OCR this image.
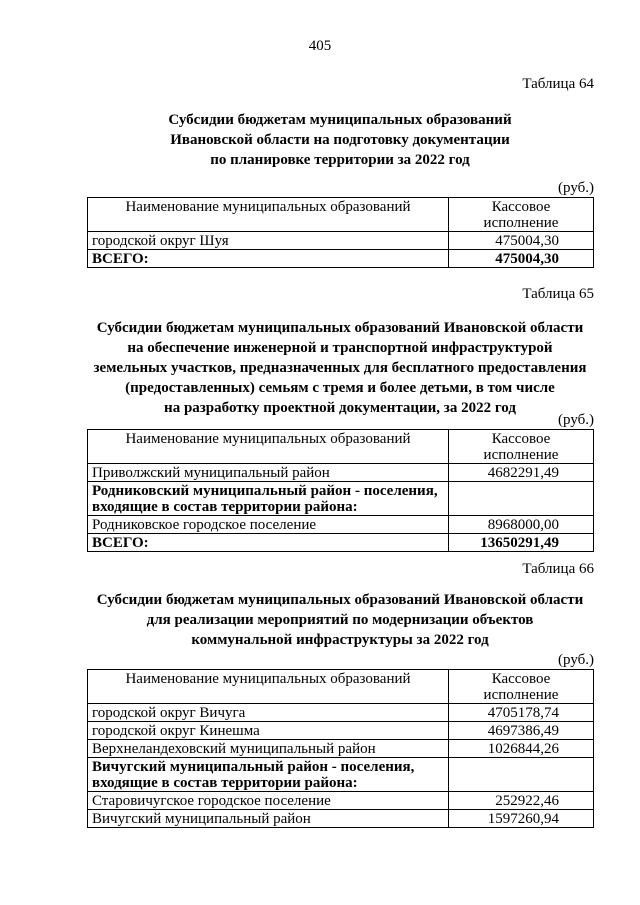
405
Таблица 64
Субсидии бюджетам муниципальных образований
Ивановской области на подготовку документации
по планировке территории за 2022 год
(руб.)
Наименование муниципальных образований	Кассовое
исполнение
городской округ Шуя	475004,30
ВСЕГО:	475004,30
Таблица 65
Субсидии бюджетам муниципальных образований Ивановской области
на обеспечение инженерной и транспортной инфраструктурой
земельных участков, предназначенных для бесплатного предоставления
(предоставленных) семьям с тремя и более детьми, в том числе
на разработку проектной документации, за 2022 год
(руб.)
Наименование муниципальных образований	Кассовое
исполнение
Приволжский муниципальный район	4682291,49
Родниковский муниципальный район - поселения,
входящие в состав территории района:	
Родниковское городское поселение	8968000,00
ВСЕГО:	13650291,49
Таблица 66
Субсидии бюджетам муниципальных образований Ивановской области
для реализации мероприятий по модернизации объектов
коммунальной инфраструктуры за 2022 год
(руб.)
Наименование муниципальных образований	Кассовое
исполнение
городской округ Вичуга	4705178,74
городской округ Кинешма	4697386,49
Верхнеландеховский муниципальный район	1026844,26
Вичугский муниципальный район - поселения,
входящие в состав территории района:	
Старовичугское городское поселение	252922,46
Вичугский муниципальный район	1597260,94
